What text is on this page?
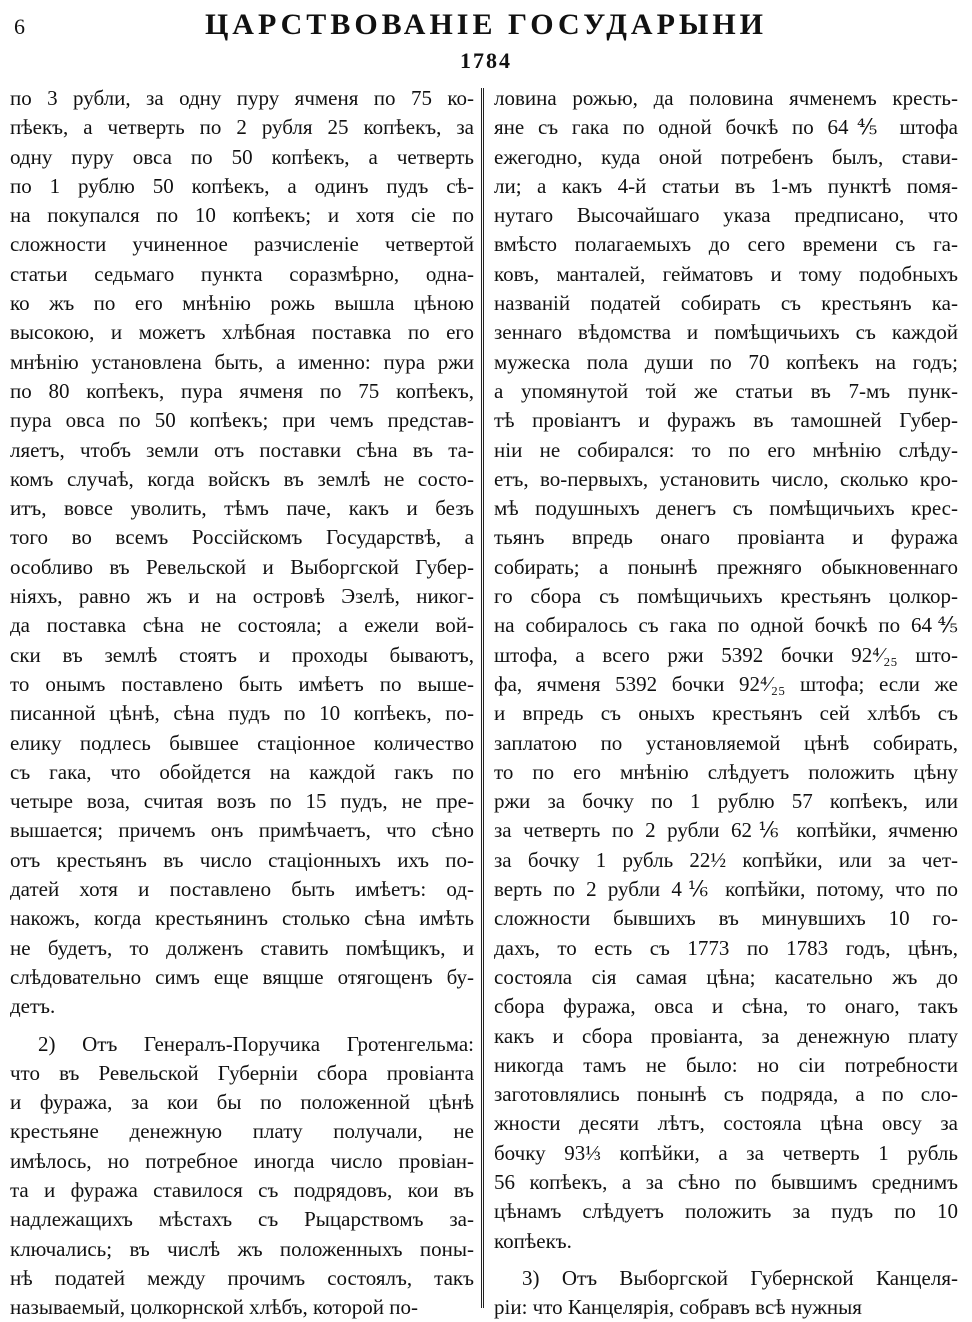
6	ЦАРСТВОВАНІЕ ГОСУДАРЫНИ
1784
по 3 рубли, за одну пуру ячменя по 75 ко-
пѣекъ, а четверть по 2 рубля 25 копѣекъ, за
одну пуру овса по 50 копѣекъ, а четверть
по 1 рублю 50 копѣекъ, а одинъ пудъ сѣ-
на покупался по 10 копѣекъ; и хотя сіе по
сложности учиненное разчисленіе четвертой
статьи седьмаго пункта соразмѣрно, одна-
ко жъ по его мнѣнію рожь вышла цѣною
высокою, и можетъ хлѣбная поставка по его
мнѣнію установлена быть, а именно: пура ржи
по 80 копѣекъ, пура ячменя по 75 копѣекъ,
пура овса по 50 копѣекъ; при чемъ представ-
ляетъ, чтобъ земли отъ поставки сѣна въ та-
комъ случаѣ, когда войскъ въ землѣ не состо-
итъ, вовсе уволить, тѣмъ паче, какъ и безъ
того во всемъ Россійскомъ Государствѣ, а
особливо въ Ревельской и Выборгской Губер-
ніяхъ, равно жъ и на островѣ Эзелѣ, никог-
да поставка сѣна не состояла; а ежели вой-
ски въ землѣ стоятъ и проходы бываютъ,
то онымъ поставлено быть имѣетъ по выше-
писанной цѣнѣ, сѣна пудъ по 10 копѣекъ, по-
елику подлесь бывшее стаціонное количество
съ гака, что обойдется на каждой гакъ по
четыре воза, считая возъ по 15 пудъ, не пре-
вышается; причемъ онъ примѣчаетъ, что сѣно
отъ крестьянъ въ число стаціонныхъ ихъ по-
датей хотя и поставлено быть имѣетъ: од-
накожъ, когда крестьянинъ столько сѣна имѣть
не будетъ, то долженъ ставить помѣщикъ, и
слѣдовательно симъ еще вящше отягощенъ бу-
детъ.
2) Отъ Генералъ-Поручика Гротенгельма:
что въ Ревельской Губерніи сбора провіанта
и фуража, за кои бы по положенной цѣнѣ
крестьяне денежную плату получали, не
имѣлось, но потребное иногда число провіан-
та и фуража ставилося съ подрядовъ, кои въ
надлежащихъ мѣстахъ съ Рыцарствомъ за-
ключались; въ числѣ жъ положенныхъ поны-
нѣ податей между прочимъ состоялъ, такъ
называемый, цолкорнской хлѣбъ, которой по-
ловина рожью, да половина ячменемъ кресть-
яне съ гака по одной бочкѣ по 64⅘ штофа
ежегодно, куда оной потребенъ былъ, стави-
ли; а какъ 4-й статьи въ 1-мъ пунктѣ помя-
нутаго Высочайшаго указа предписано, что
вмѣсто полагаемыхъ до сего времени съ га-
ковъ, манталей, гейматовъ и тому подобныхъ
названій податей собирать съ крестьянъ ка-
зеннаго вѣдомства и помѣщичьихъ съ каждой
мужеска пола души по 70 копѣекъ на годъ;
а упомянутой той же статьи въ 7-мъ пунк-
тѣ провіантъ и фуражъ въ тамошней Губер-
ніи не собирался: то по его мнѣнію слѣду-
етъ, во-первыхъ, установить число, сколько кро-
мѣ подушныхъ денегъ съ помѣщичьихъ крес-
тьянъ впредь онаго провіанта и фуража
собирать; а понынѣ прежняго обыкновеннаго
го сбора съ помѣщичьихъ крестьянъ цолкор-
на собиралось съ гака по одной бочкѣ по 64⅘
штофа, а всего ржи 5392 бочки 92⁴⁄₂₅ што-
фа, ячменя 5392 бочки 92⁴⁄₂₅ штофа; если же
и впредь съ оныхъ крестьянъ сей хлѣбъ съ
заплатою по установляемой цѣнѣ собирать,
то по его мнѣнію слѣдуетъ положить цѣну
ржи за бочку по 1 рублю 57 копѣекъ, или
за четверть по 2 рубли 62⅙ копѣйки, ячменю
за бочку 1 рубль 22½ копѣйки, или за чет-
верть по 2 рубли 4⅙ копѣйки, потому, что по
сложности бывшихъ въ минувшихъ 10 го-
дахъ, то есть съ 1773 по 1783 годъ, цѣнъ,
состояла сія самая цѣна; касательно жъ до
сбора фуража, овса и сѣна, то онаго, такъ
какъ и сбора провіанта, за денежную плату
никогда тамъ не было: но сіи потребности
заготовлялись понынѣ съ подряда, а по сло-
жности десяти лѣтъ, состояла цѣна овсу за
бочку 93⅓ копѣйки, а за четверть 1 рубль
56 копѣекъ, а за сѣно по бывшимъ среднимъ
цѣнамъ слѣдуетъ положить за пудъ по 10
копѣекъ.
3) Отъ Выборгской Губернской Канцеля-
ріи: что Канцелярія, собравъ всѣ нужныя
